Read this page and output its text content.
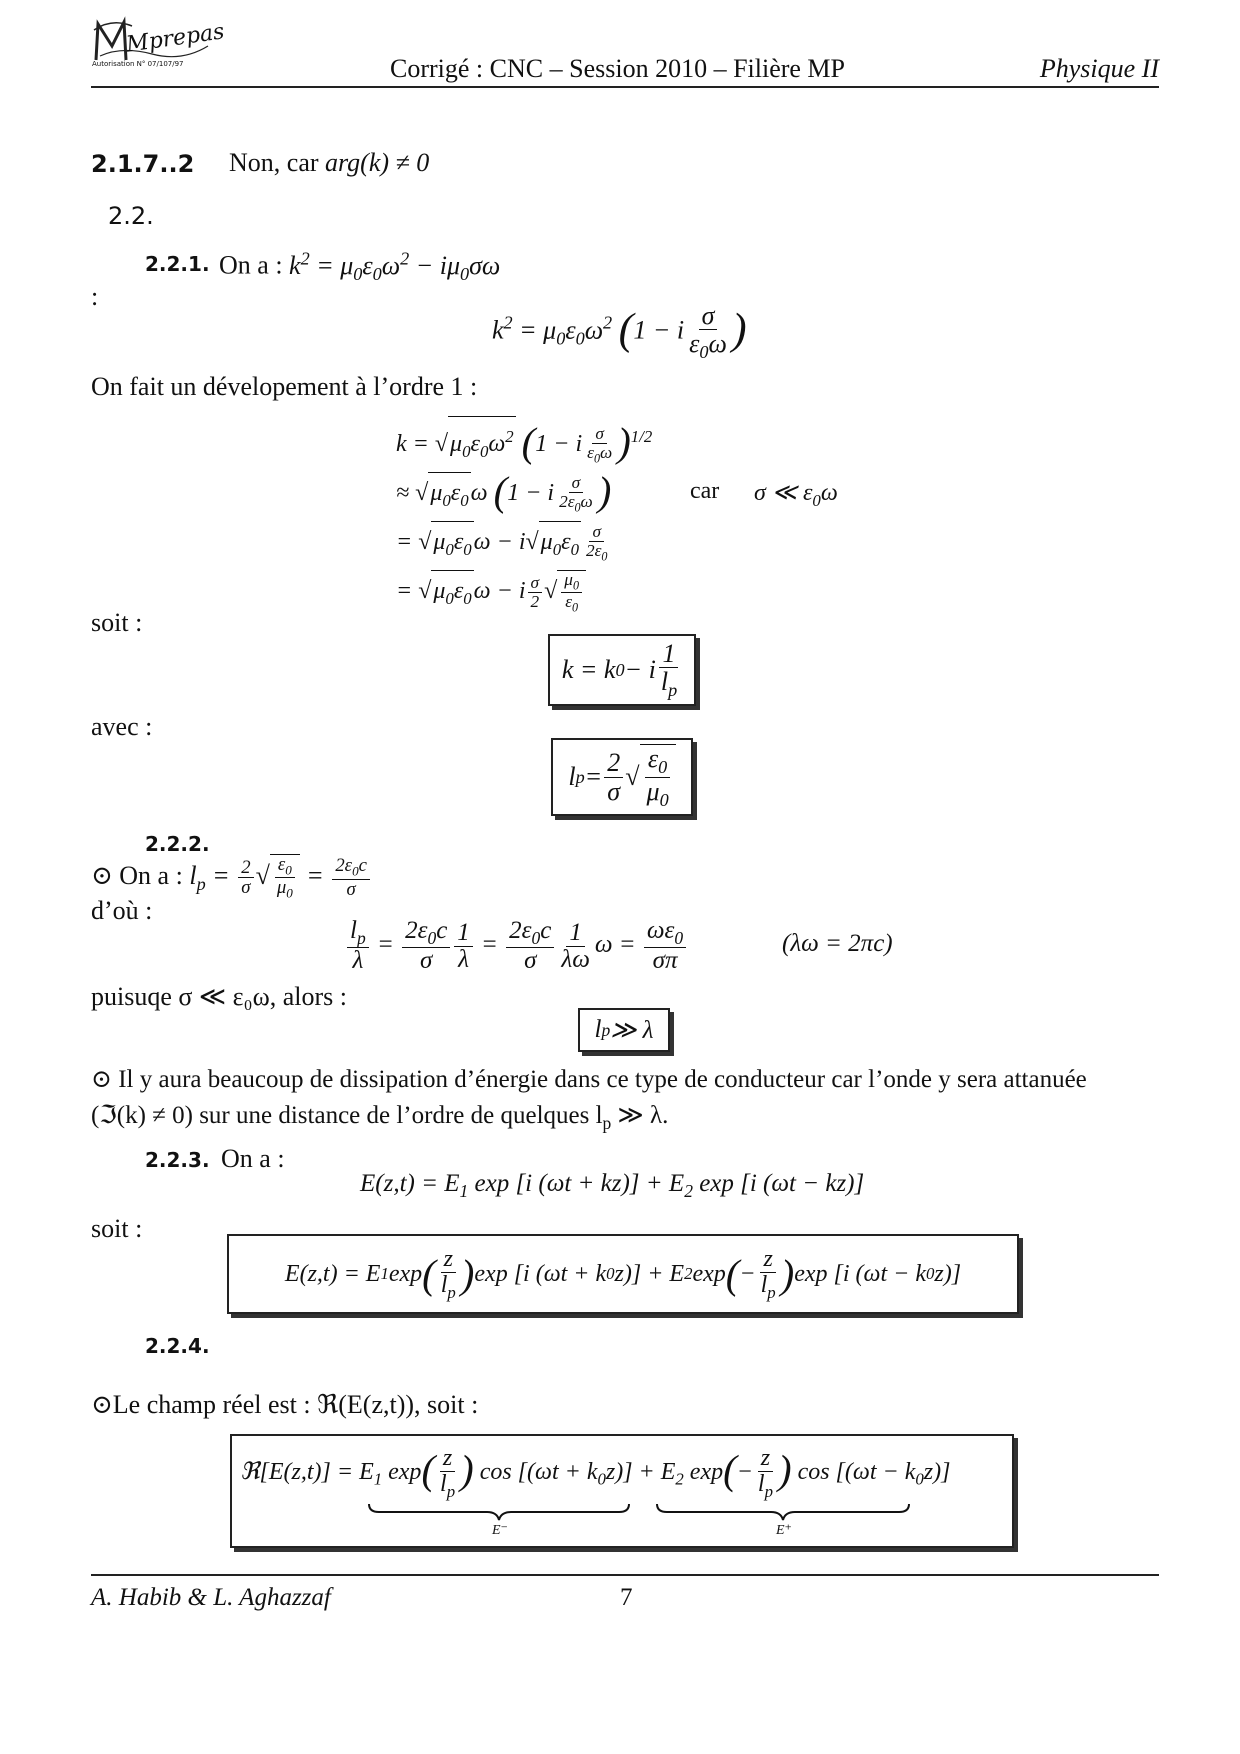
Mprepas
Autorisation N° 07/107/97	Corrigé : CNC – Session 2010 – Filière MP	Physique II
2.1.7..2 Non, car arg(k) ≠ 0
2.2.
2.2.1. On a : $k^2 = \mu_0\varepsilon_0\omega^2 - i\mu_0\sigma\omega$
:
$k^2 = \mu_0\varepsilon_0\omega^2$ (1 − i $\frac{\sigma}{\varepsilon_0\omega}$ )
On fait un dévelopement à l’ordre 1 :
$k = √\mu_0\varepsilon_0\omega^2$ (1 − i $\frac{\sigma}{\varepsilon_0\omega} )^{1/2}$
≈ $√\mu_0\varepsilon_0\omega$ (1 − i $\frac{\sigma}{2\varepsilon_0\omega}$ )
= $√\mu_0\varepsilon_0\omega - i√\mu_0\varepsilon_0 \frac{\sigma}{2\varepsilon_0}$
= $√\mu_0\varepsilon_0\omega - i \frac{\sigma}{2}$ √ $\frac{\mu_0}{\varepsilon_0}$
car σ ≪ $\varepsilon_0\omega$
soit :
k = k 0 − i $\frac{1}{l_p}$
avec :
l $p = \frac{2}{\sigma}$ √ $\frac{\varepsilon_0}{\mu_0}$
2.2.2.
⊙ On a : $l_p = \frac{2}{\sigma}$ √ $\frac{\varepsilon_0}{\mu_0} = \frac{2\varepsilon_0c}{\sigma}$
d’où :
$\frac{l_p}{\lambda} = \frac{2\varepsilon_0c}{\sigma} \frac{1}{\lambda} = \frac{2\varepsilon_0c}{\sigma} \frac{1}{\lambda\omega}$ $\omega = \frac{\omega\varepsilon_0}{\sigma\pi}$	(λω = 2πc)
puisuqe σ ≪ ε₀ω, alors :
l p ≫ λ
⊙ Il y aura beaucoup de dissipation d’énergie dans ce type de conducteur car l’onde y sera attanuée
(ℑ(k) ≠ 0) sur une distance de l’ordre de quelques $l_p$ ≫ λ.
2.2.3. On a :
$E(z,t) = E_1$ exp [i $(\omega t + kz)] + E_2$ exp [i (ωt − kz)]
soit :
E(z,t) = E 1 exp ( $\frac{z}{l_p}$ ) exp [i (ωt + k 0 z)] + E 2 exp ( − $\frac{z}{l_p}$ ) exp [i (ωt − k 0 z)]
2.2.4.
⊙Le champ réel est : ℜ(E(z,t)), soit :
ℜ[E(z,t)] = $E_1$ $\exp( \frac{z}{l_p}$ ) $\cos [(\omega t + k_0z)] + E_2$ $\exp(- \frac{z}{l_p}$ ) $\cos [(\omega t - k_0z)]$
E⁻	E⁺
A. Habib & L. Aghazzaf	7
